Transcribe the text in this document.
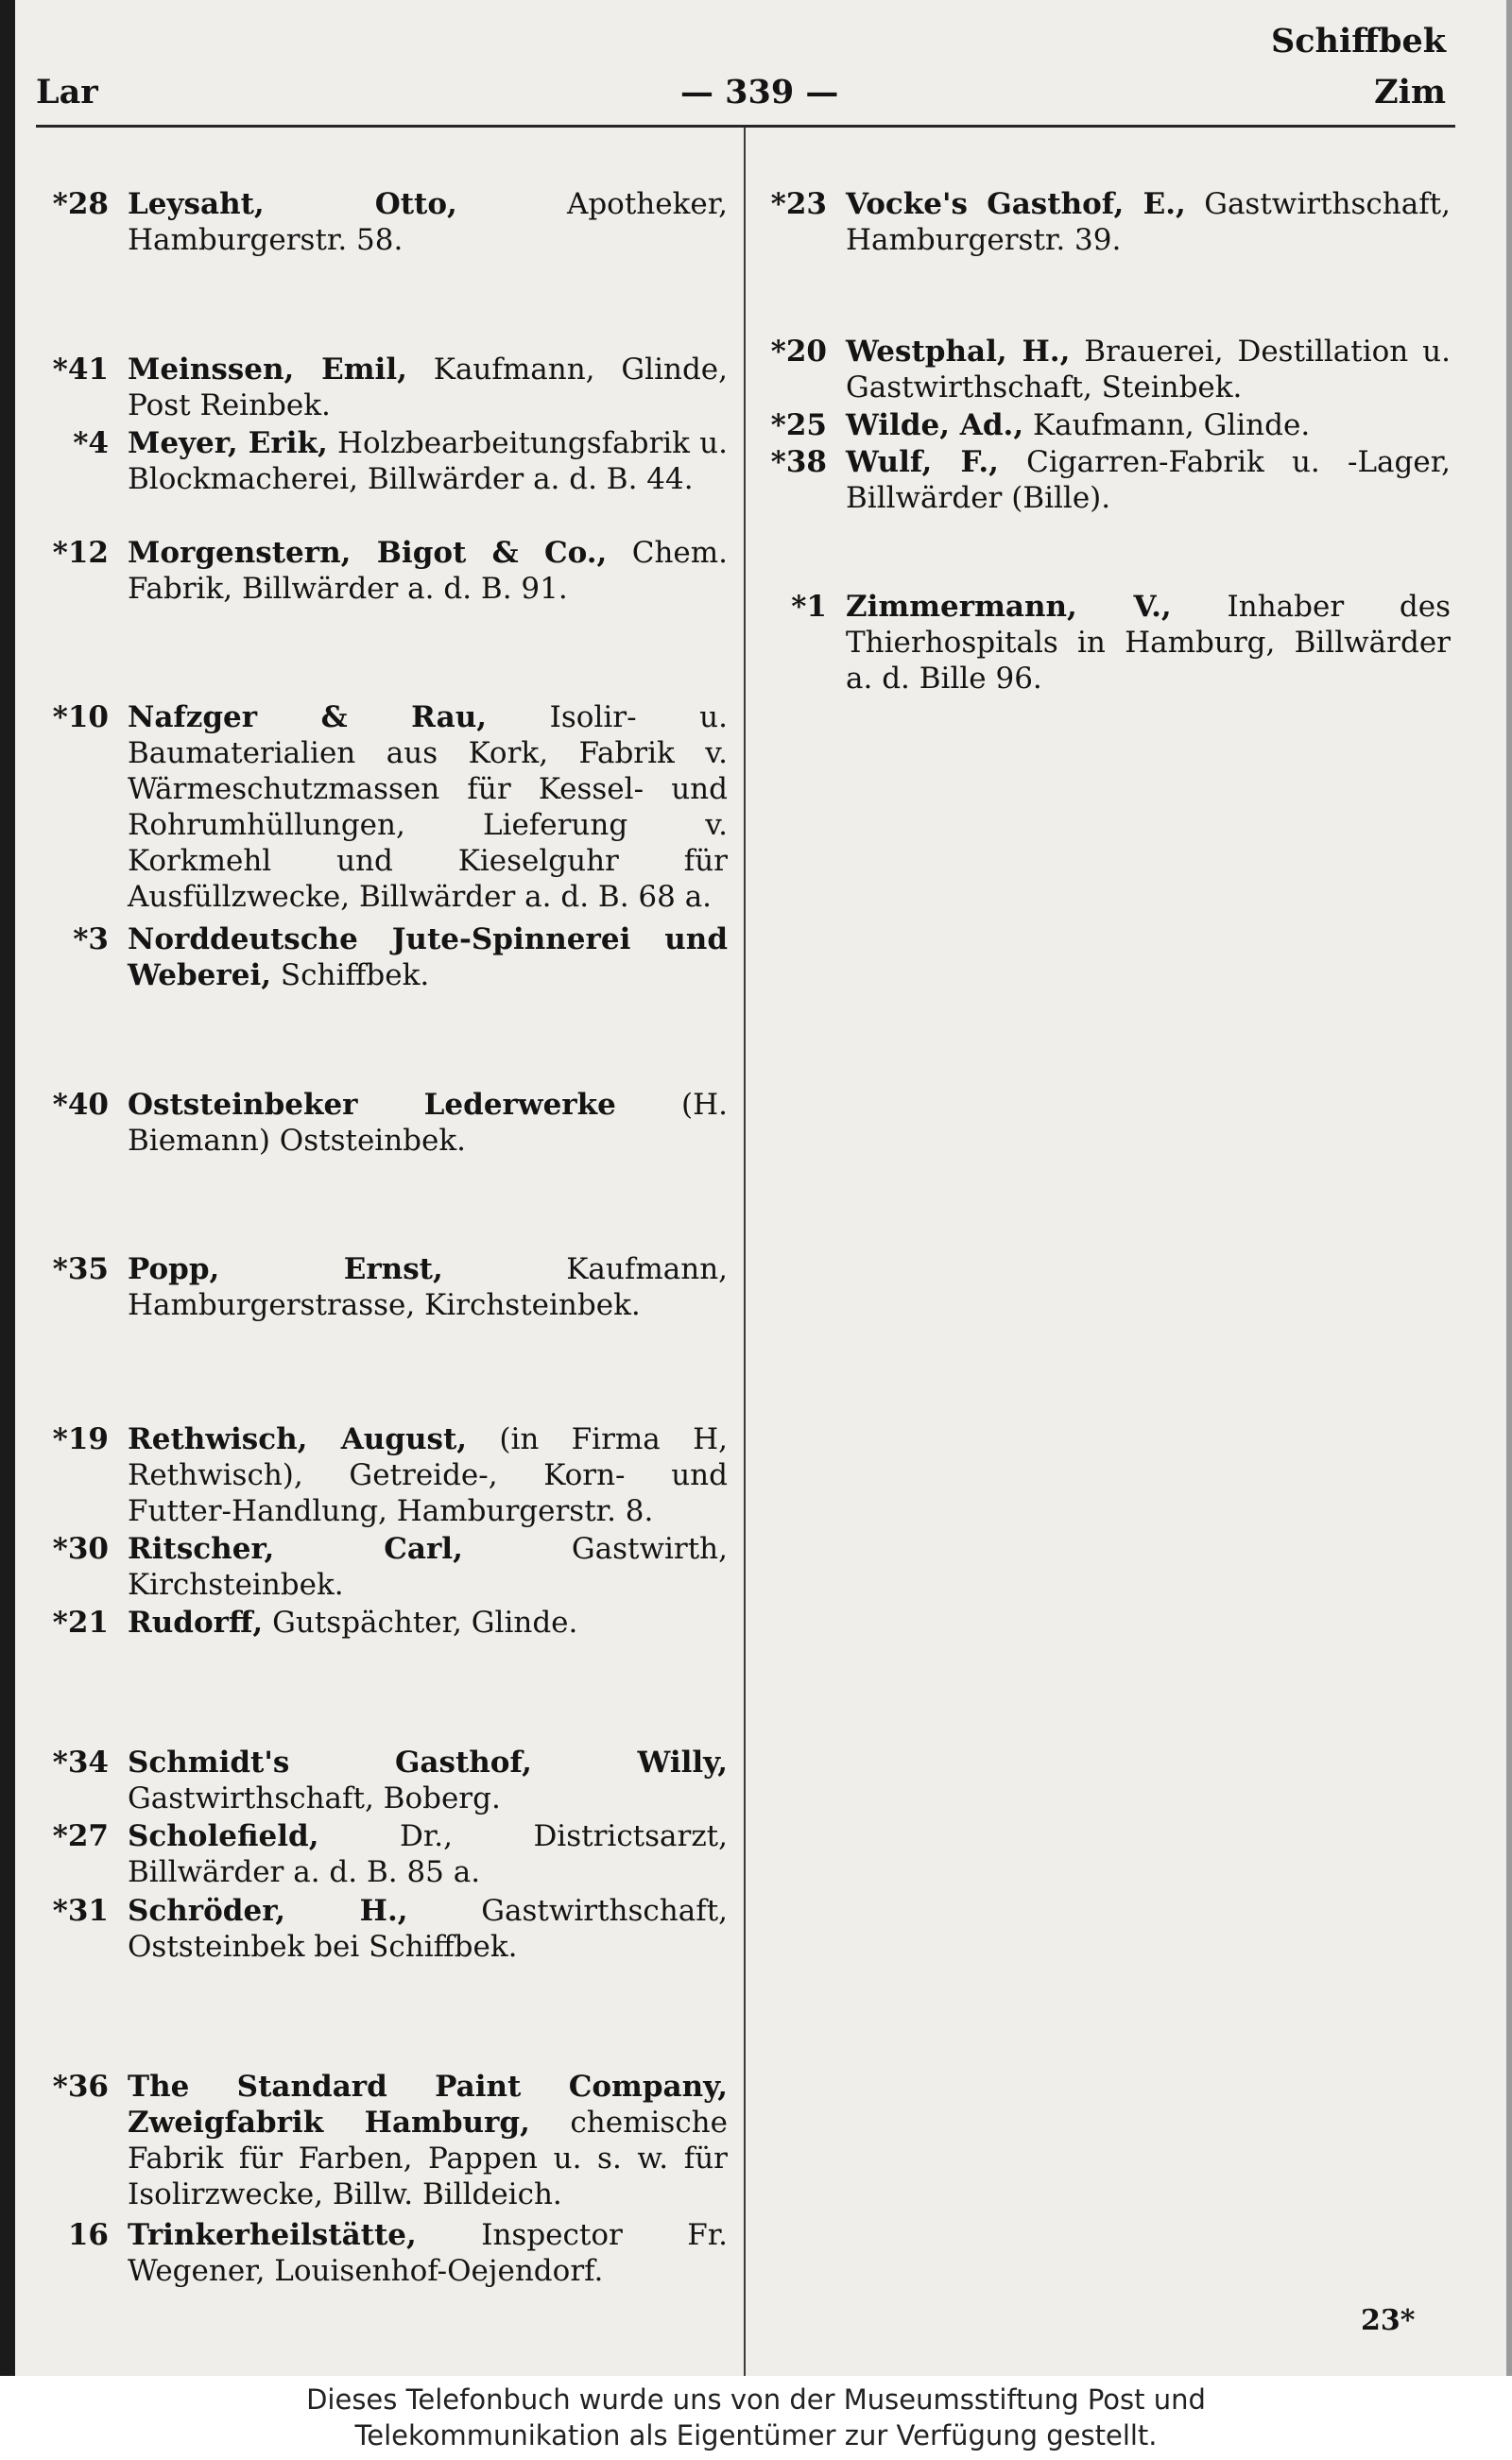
Schiffbek
Lar	— 339 —	Zim
*28 Leysaht, Otto,	Apotheker, Hamburgerstr. 58.
*41 Meinssen, Emil, Kaufmann, Glinde, Post Reinbek.
*4 Meyer, Erik, Holzbearbeitungsfabrik u. Blockmacherei, Billwärder a. d. B. 44.
*12 Morgenstern, Bigot & Co., Chem. Fabrik, Billwärder a. d. B. 91.
*10 Nafzger & Rau, Isolir- u. Baumaterialien aus Kork, Fabrik v. Wärmeschutzmassen für Kessel- und Rohrumhüllungen, Lieferung v. Korkmehl und Kieselguhr für Ausfüllzwecke, Billwärder a. d. B. 68 a.
*3 Norddeutsche Jute-Spinnerei und Weberei, Schiffbek.
*40 Oststeinbeker Lederwerke (H. Biemann) Oststeinbek.
*35 Popp, Ernst,	Kaufmann, Hamburgerstrasse, Kirchsteinbek.
*19 Rethwisch, August, (in Firma H, Rethwisch), Getreide-, Korn- und Futter-Handlung, Hamburgerstr. 8.
*30 Ritscher, Carl,	Gastwirth, Kirchsteinbek.
*21 Rudorff, Gutspächter, Glinde.
*34 Schmidt's Gasthof, Willy, Gastwirthschaft, Boberg.
*27 Scholefield,	Dr., Districtsarzt, Billwärder a. d. B. 85 a.
*31 Schröder, H.,	Gastwirthschaft, Oststeinbek bei Schiffbek.
*36 The Standard Paint Company, Zweigfabrik Hamburg, chemische Fabrik für Farben, Pappen u. s. w. für Isolirzwecke, Billw. Billdeich.
16 Trinkerheilstätte, Inspector Fr. Wegener, Louisenhof-Oejendorf.
*23 Vocke's Gasthof, E., Gastwirthschaft, Hamburgerstr. 39.
*20 Westphal, H., Brauerei, Destillation u. Gastwirthschaft, Steinbek.
*25 Wilde, Ad., Kaufmann, Glinde.
*38 Wulf, F., Cigarren-Fabrik u. -Lager, Billwärder (Bille).
*1 Zimmermann, V., Inhaber des Thierhospitals in Hamburg, Billwärder a. d. Bille 96.
23*
Dieses Telefonbuch wurde uns von der Museumsstiftung Post und
Telekommunikation als Eigentümer zur Verfügung gestellt.
